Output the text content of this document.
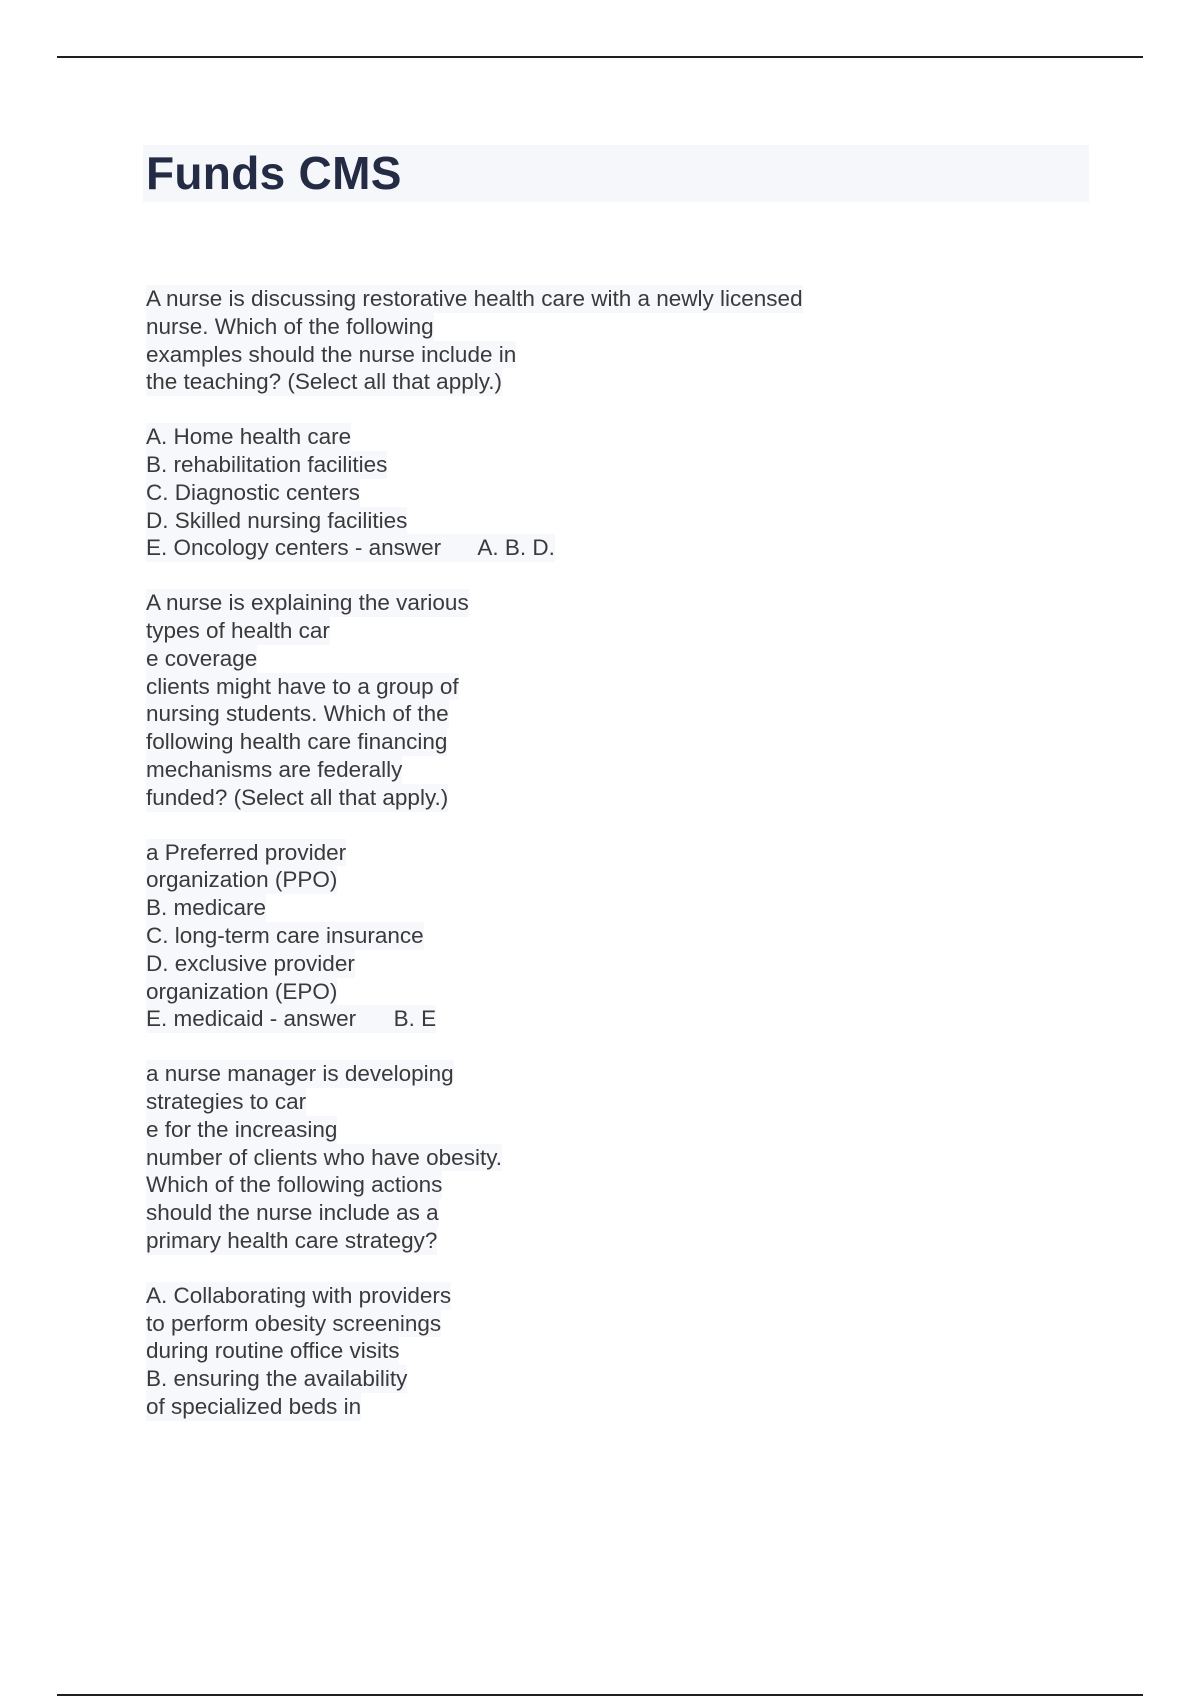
Funds CMS
A nurse is discussing restorative health care with a newly licensed
nurse. Which of the following
examples should the nurse include in
the teaching? (Select all that apply.)
A. Home health care
B. rehabilitation facilities
C. Diagnostic centers
D. Skilled nursing facilities
E. Oncology centers - answer      A. B. D.
A nurse is explaining the various
types of health car
e coverage
clients might have to a group of
nursing students. Which of the
following health care financing
mechanisms are federally
funded? (Select all that apply.)
a Preferred provider
organization (PPO)
B. medicare
C. long-term care insurance
D. exclusive provider
organization (EPO)
E. medicaid - answer      B. E
a nurse manager is developing
strategies to car
e for the increasing
number of clients who have obesity.
Which of the following actions
should the nurse include as a
primary health care strategy?
A. Collaborating with providers
to perform obesity screenings
during routine office visits
B. ensuring the availability
of specialized beds in
